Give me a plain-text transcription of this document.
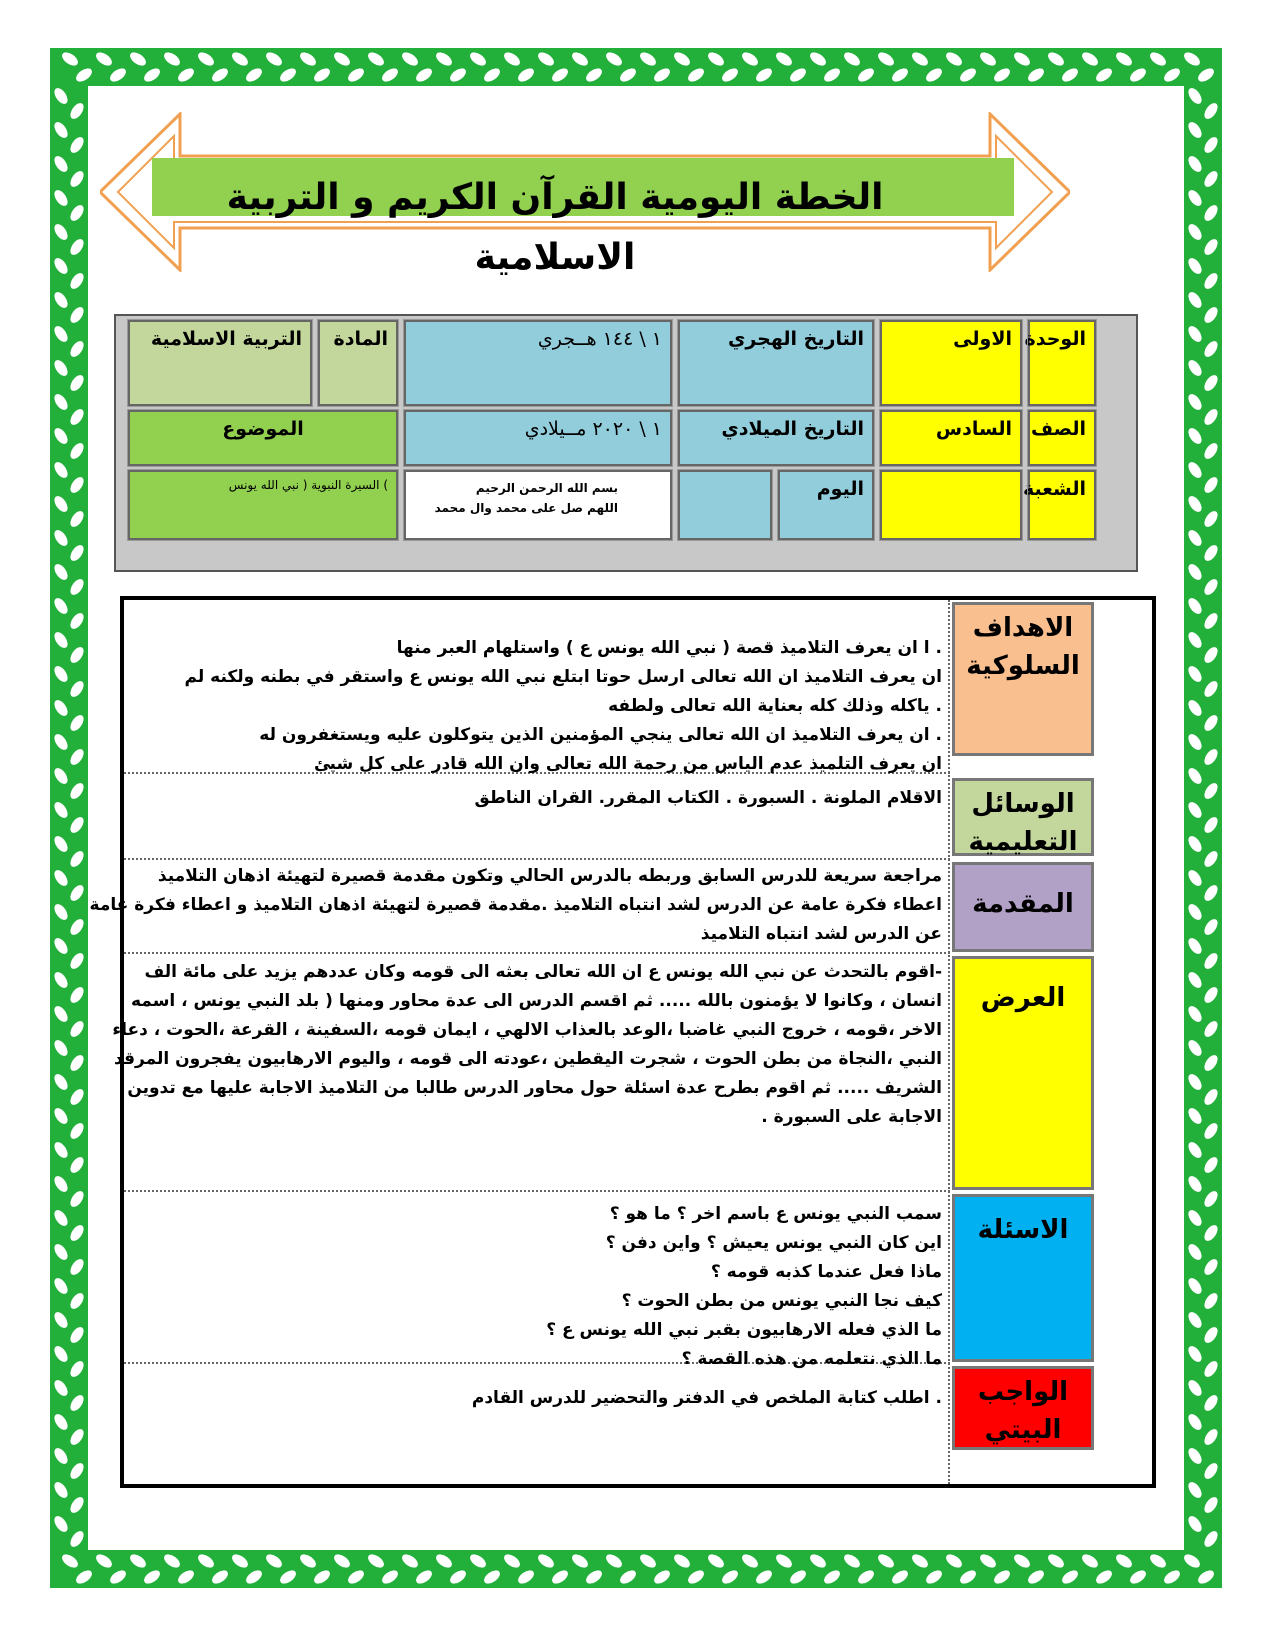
الخطة اليومية القرآن الكريم و التربية الاسلامية
الوحدة
الاولى
التاريخ الهجري
١ \ ١٤٤ هــجري
المادة
التربية الاسلامية
الصف
السادس
التاريخ الميلادي
١ \ ٢٠٢٠ مــيلادي
الموضوع
الشعبة
اليوم
بسم الله الرحمن الرحيم
اللهم صل على محمد وال محمد
) السيرة النبوية ( نبي الله يونس
الاهداف السلوكية
الوسائل التعليمية
المقدمة
العرض
الاسئلة
الواجب البيتي
. ا ان يعرف التلاميذ قصة ( نبي الله يونس ع ) واستلهام العبر منها
ان يعرف التلاميذ ان الله تعالى ارسل حوتا ابتلع نبي الله يونس ع واستقر في بطنه ولكنه لم
. ياكله وذلك كله بعناية الله تعالى ولطفه
. ان يعرف التلاميذ ان الله تعالى ينجي المؤمنين الذين يتوكلون عليه ويستغفرون له
ان يعرف التلميذ عدم الياس من رحمة الله تعالى وان الله قادر على كل شيئ
الاقلام الملونة . السبورة . الكتاب المقرر. القران الناطق
مراجعة سريعة للدرس السابق وربطه بالدرس الحالي وتكون مقدمة قصيرة لتهيئة اذهان التلاميذ
اعطاء فكرة عامة عن الدرس لشد انتباه التلاميذ .مقدمة قصيرة لتهيئة اذهان التلاميذ و اعطاء فكرة عامة
عن الدرس لشد انتباه التلاميذ
-اقوم بالتحدث عن نبي الله يونس ع ان الله تعالى بعثه الى قومه وكان عددهم يزيد على مائة الف
انسان ، وكانوا لا يؤمنون بالله ..... ثم اقسم الدرس الى عدة محاور ومنها ( بلد النبي يونس ، اسمه
الاخر ،قومه ، خروج النبي غاضبا ،الوعد بالعذاب الالهي ، ايمان قومه ،السفينة ، القرعة ،الحوت ، دعاء
النبي ،النجاة من بطن الحوت ، شجرت اليقطين ،عودته الى قومه ، واليوم الارهابيون يفجرون المرقد
الشريف ..... ثم اقوم بطرح عدة اسئلة حول محاور الدرس طالبا من التلاميذ الاجابة عليها مع تدوين
الاجابة على السبورة .
سمب النبي يونس ع باسم اخر ؟ ما هو ؟
اين كان النبي يونس يعيش ؟ واين دفن ؟
ماذا فعل عندما كذبه قومه ؟
كيف نجا النبي يونس من بطن الحوت ؟
ما الذي فعله الارهابيون بقبر نبي الله يونس ع ؟
ما الذي نتعلمه من هذه القصة ؟
. اطلب كتابة الملخص في الدفتر والتحضير للدرس القادم
